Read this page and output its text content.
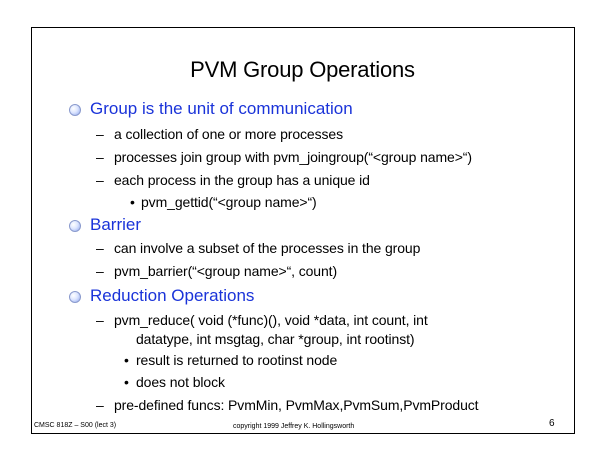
PVM Group Operations
Group is the unit of communication
– a collection of one or more processes
– processes join group with pvm_joingroup(“<group name>“)
– each process in the group has a unique id
• pvm_gettid(“<group name>“)
Barrier
– can involve a subset of the processes in the group
– pvm_barrier(“<group name>“, count)
Reduction Operations
– pvm_reduce( void (*func)(), void *data, int count, int
datatype, int msgtag, char *group, int rootinst)
• result is returned to rootinst node
• does not block
– pre-defined funcs: PvmMin, PvmMax,PvmSum,PvmProduct
CMSC 818Z – S00 (lect 3)	copyright 1999 Jeffrey K. Hollingsworth	6
